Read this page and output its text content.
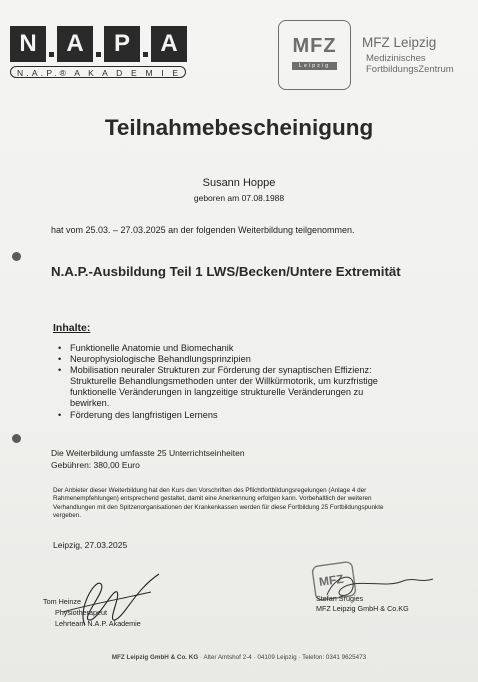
N	A	P	A
N.A.P.® A K A D E M I E
MFZ
Leipzig
MFZ Leipzig
Medizinisches
FortbildungsZentrum
Teilnahmebescheinigung
Susann Hoppe
geboren am 07.08.1988
hat vom 25.03. – 27.03.2025 an der folgenden Weiterbildung teilgenommen.
N.A.P.-Ausbildung Teil 1 LWS/Becken/Untere Extremität
Inhalte:
• Funktionelle Anatomie und Biomechanik
• Neurophysiologische Behandlungsprinzipien
• Mobilisation neuraler Strukturen zur Förderung der synaptischen Effizienz: Strukturelle Behandlungsmethoden unter der Willkürmotorik, um kurzfristige funktionelle Veränderungen in langzeitige strukturelle Veränderungen zu bewirken.
• Förderung des langfristigen Lernens
Die Weiterbildung umfasste 25 Unterrichtseinheiten
Gebühren: 380,00 Euro
Der Anbieter dieser Weiterbildung hat den Kurs den Vorschriften des Pflichtfortbildungsregelungen (Anlage 4 der Rahmenempfehlungen) entsprechend gestaltet, damit eine Anerkennung erfolgen kann. Vorbehaltlich der weiteren Verhandlungen mit den Spitzenorganisationen der Krankenkassen werden für diese Fortbildung 25 Fortbildungspunkte vergeben.
Leipzig, 27.03.2025
Tom Heinze
Physiotherapeut
Lehrteam N.A.P. Akademie
MFZ
Stefan Srugies
MFZ Leipzig GmbH & Co.KG
MFZ Leipzig GmbH & Co. KG · Alter Amtshof 2-4 · 04109 Leipzig · Telefon: 0341 9625473
